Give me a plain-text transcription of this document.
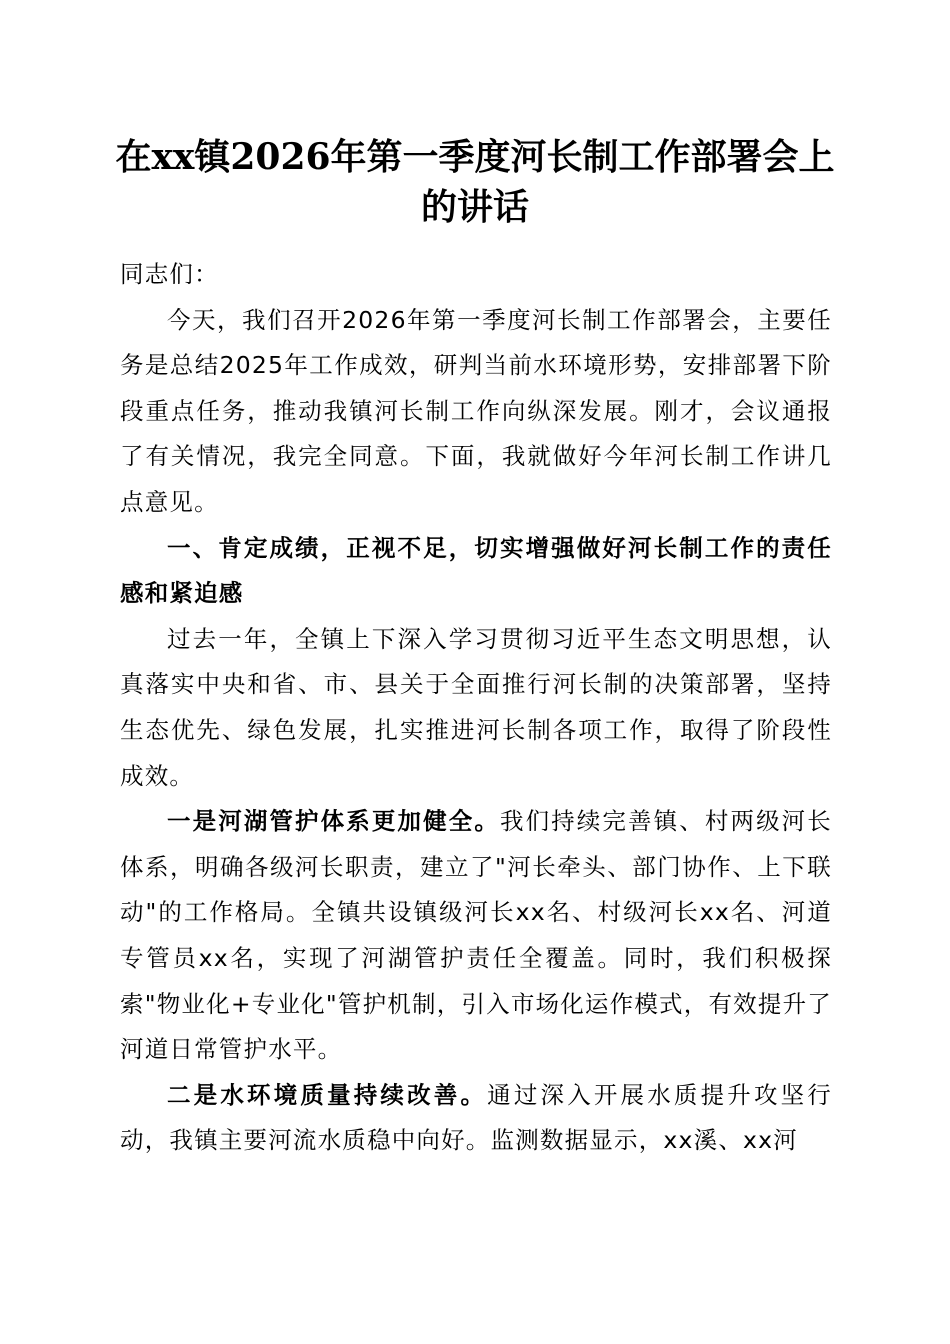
在xx镇2026年第一季度河长制工作部署会上的讲话

同志们：

今天，我们召开2026年第一季度河长制工作部署会，主要任务是总结2025年工作成效，研判当前水环境形势，安排部署下阶段重点任务，推动我镇河长制工作向纵深发展。刚才，会议通报了有关情况，我完全同意。下面，我就做好今年河长制工作讲几点意见。

一、肯定成绩，正视不足，切实增强做好河长制工作的责任感和紧迫感

过去一年，全镇上下深入学习贯彻习近平生态文明思想，认真落实中央和省、市、县关于全面推行河长制的决策部署，坚持生态优先、绿色发展，扎实推进河长制各项工作，取得了阶段性成效。

一是河湖管护体系更加健全。我们持续完善镇、村两级河长体系，明确各级河长职责，建立了"河长牵头、部门协作、上下联动"的工作格局。全镇共设镇级河长xx名、村级河长xx名、河道专管员xx名，实现了河湖管护责任全覆盖。同时，我们积极探索"物业化+专业化"管护机制，引入市场化运作模式，有效提升了河道日常管护水平。

二是水环境质量持续改善。通过深入开展水质提升攻坚行动，我镇主要河流水质稳中向好。监测数据显示，xx溪、xx河
